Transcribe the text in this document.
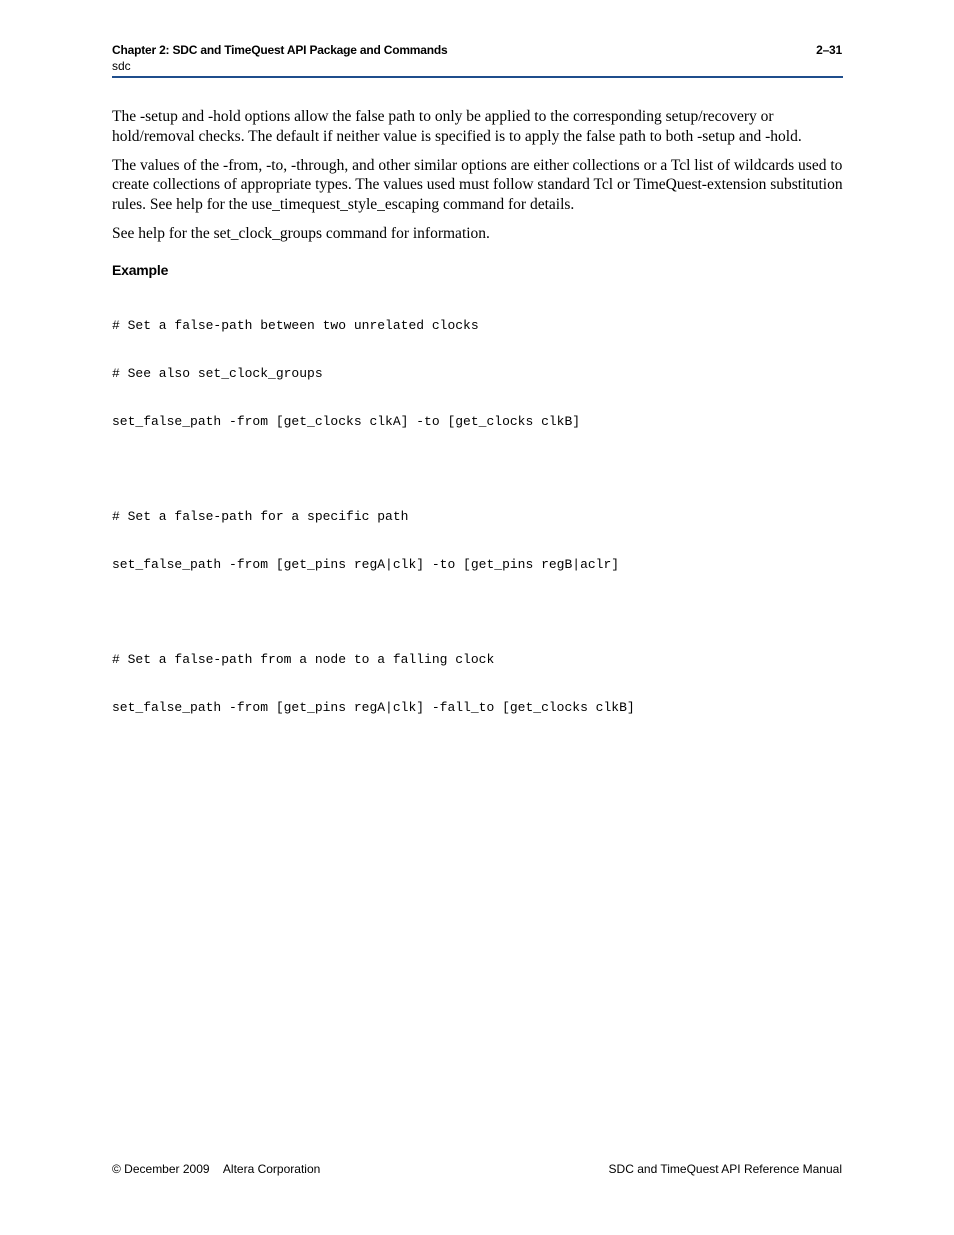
Chapter 2: SDC and TimeQuest API Package and Commands	2–31
sdc

The -setup and -hold options allow the false path to only be applied to the corresponding setup/recovery or hold/removal checks. The default if neither value is specified is to apply the false path to both -setup and -hold.

The values of the -from, -to, -through, and other similar options are either collections or a Tcl list of wildcards used to create collections of appropriate types. The values used must follow standard Tcl or TimeQuest-extension substitution rules. See help for the use_timequest_style_escaping command for details.

See help for the set_clock_groups command for information.

Example

# Set a false-path between two unrelated clocks

# See also set_clock_groups

set_false_path -from [get_clocks clkA] -to [get_clocks clkB]

# Set a false-path for a specific path

set_false_path -from [get_pins regA|clk] -to [get_pins regB|aclr]

# Set a false-path from a node to a falling clock

set_false_path -from [get_pins regA|clk] -fall_to [get_clocks clkB]

© December 2009 Altera Corporation	SDC and TimeQuest API Reference Manual
